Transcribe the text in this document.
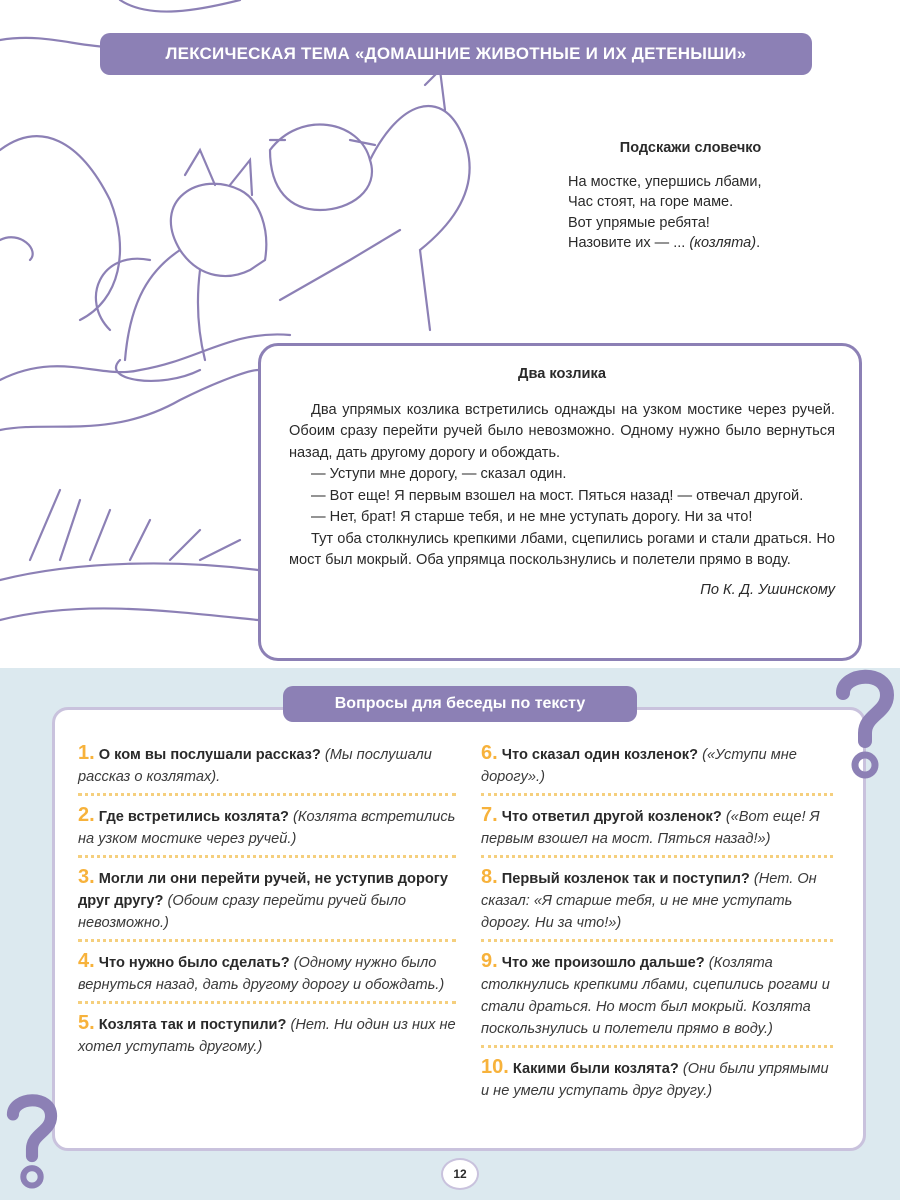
ЛЕКСИЧЕСКАЯ ТЕМА «ДОМАШНИЕ ЖИВОТНЫЕ И ИХ ДЕТЕНЫШИ»
Подскажи словечко
На мостке, упершись лбами,
Час стоят, на горе маме.
Вот упрямые ребята!
Назовите их — ... (козлята).
Два козлика

Два упрямых козлика встретились однажды на узком мостике через ручей. Обоим сразу перейти ручей было невозможно. Одному нужно было вернуться назад, дать другому дорогу и обождать.

— Уступи мне дорогу, — сказал один.

— Вот еще! Я первым взошел на мост. Пяться назад! — отвечал другой.

— Нет, брат! Я старше тебя, и не мне уступать дорогу. Ни за что!

Тут оба столкнулись крепкими лбами, сцепились рогами и стали драться. Но мост был мокрый. Оба упрямца поскользнулись и полетели прямо в воду.

По К. Д. Ушинскому

Вопросы для беседы по тексту
1. О ком вы послушали рассказ? (Мы послушали рассказ о козлятах).
2. Где встретились козлята? (Козлята встретились на узком мостике через ручей.)
3. Могли ли они перейти ручей, не уступив дорогу друг другу? (Обоим сразу перейти ручей было невозможно.)
4. Что нужно было сделать? (Одному нужно было вернуться назад, дать другому дорогу и обождать.)
5. Козлята так и поступили? (Нет. Ни один из них не хотел уступать другому.)
6. Что сказал один козленок? («Уступи мне дорогу».)
7. Что ответил другой козленок? («Вот еще! Я первым взошел на мост. Пяться назад!»)
8. Первый козленок так и поступил? (Нет. Он сказал: «Я старше тебя, и не мне уступать дорогу. Ни за что!»)
9. Что же произошло дальше? (Козлята столкнулись крепкими лбами, сцепились рогами и стали драться. Но мост был мокрый. Козлята поскользнулись и полетели прямо в воду.)
10. Какими были козлята? (Они были упрямыми и не умели уступать друг другу.)
12
